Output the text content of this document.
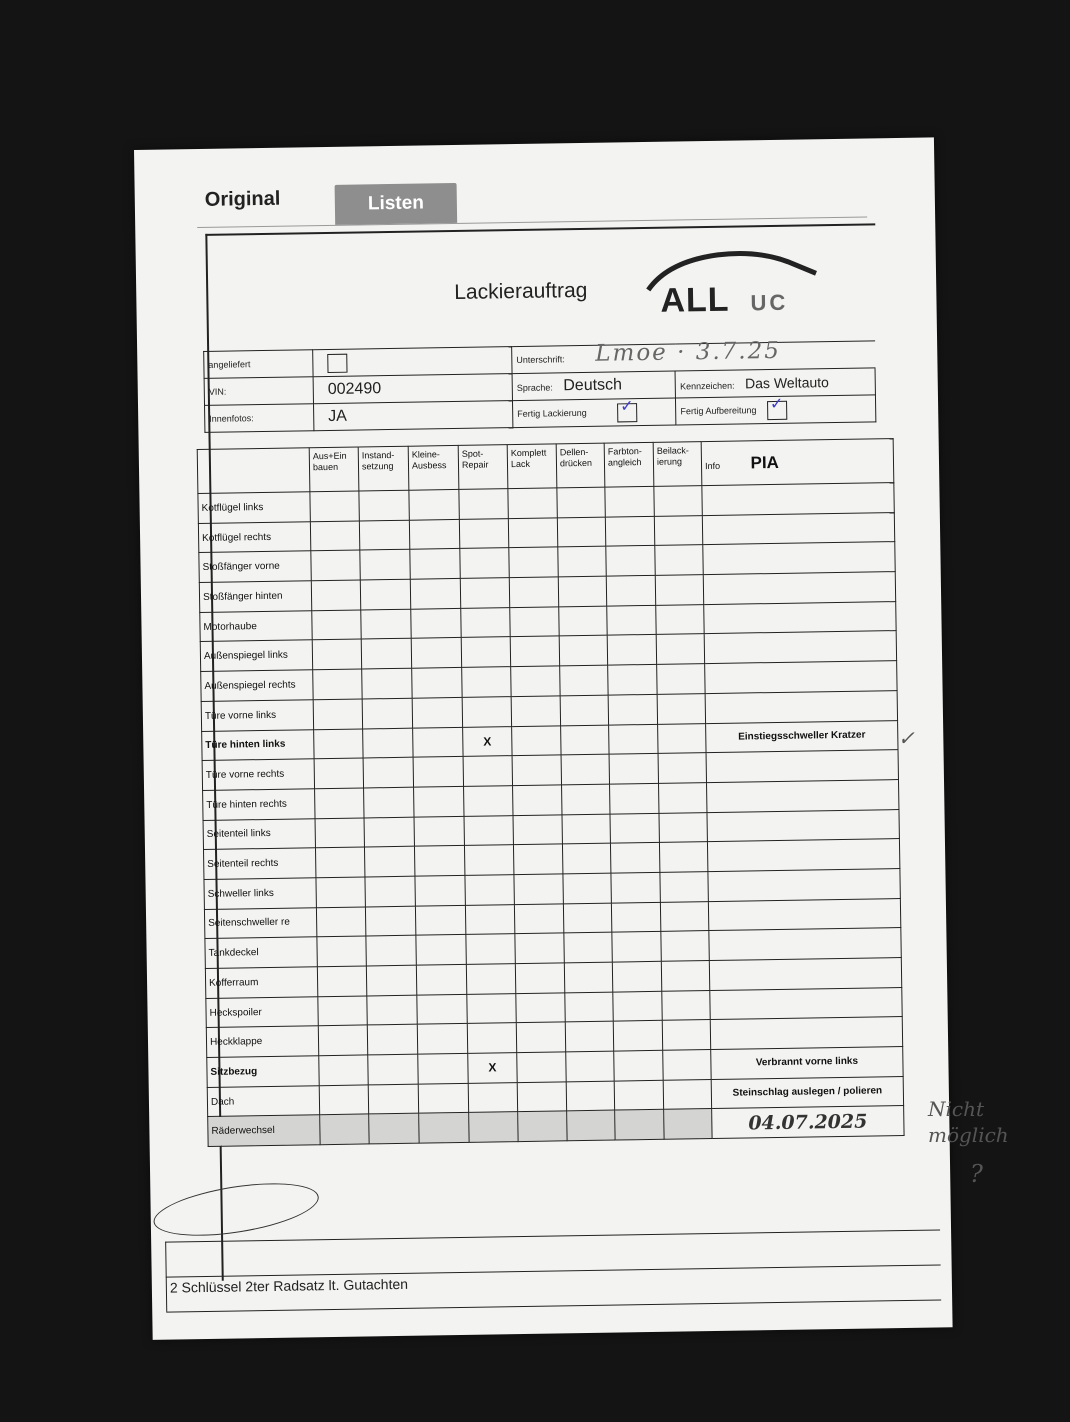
Original	Listen
Lackierauftrag ALL UC
angeliefert		Unterschrift:	
VIN:	002490	Sprache: Deutsch	Kennzeichen: Das Weltauto
Innenfotos:	JA	Fertig Lackierung ✓	Fertig Aufbereitung ✓
Lmoe · 3.7.25
	Aus+Ein bauen	Instand-setzung	Kleine-Ausbess	Spot-Repair	Komplett Lack	Dellen-drücken	Farbton-angleich	Beilack-ierung	Info PIA
Kotflügel links									
Kotflügel rechts									
Stoßfänger vorne									
Stoßfänger hinten									
Motorhaube									
Außenspiegel links									
Außenspiegel rechts									
Türe vorne links									
Türe hinten links				X					Einstiegsschweller Kratzer
Türe vorne rechts									
Türe hinten rechts									
Seitenteil links									
Seitenteil rechts									
Schweller links									
Seitenschweller re									
Tankdeckel									
Kofferraum									
Heckspoiler									
Heckklappe									
Sitzbezug				X					Verbrannt vorne links
Dach									Steinschlag auslegen / polieren
Räderwechsel									04.07.2025
2 Schlüssel 2ter Radsatz lt. Gutachten
✓
Nicht möglich
?
